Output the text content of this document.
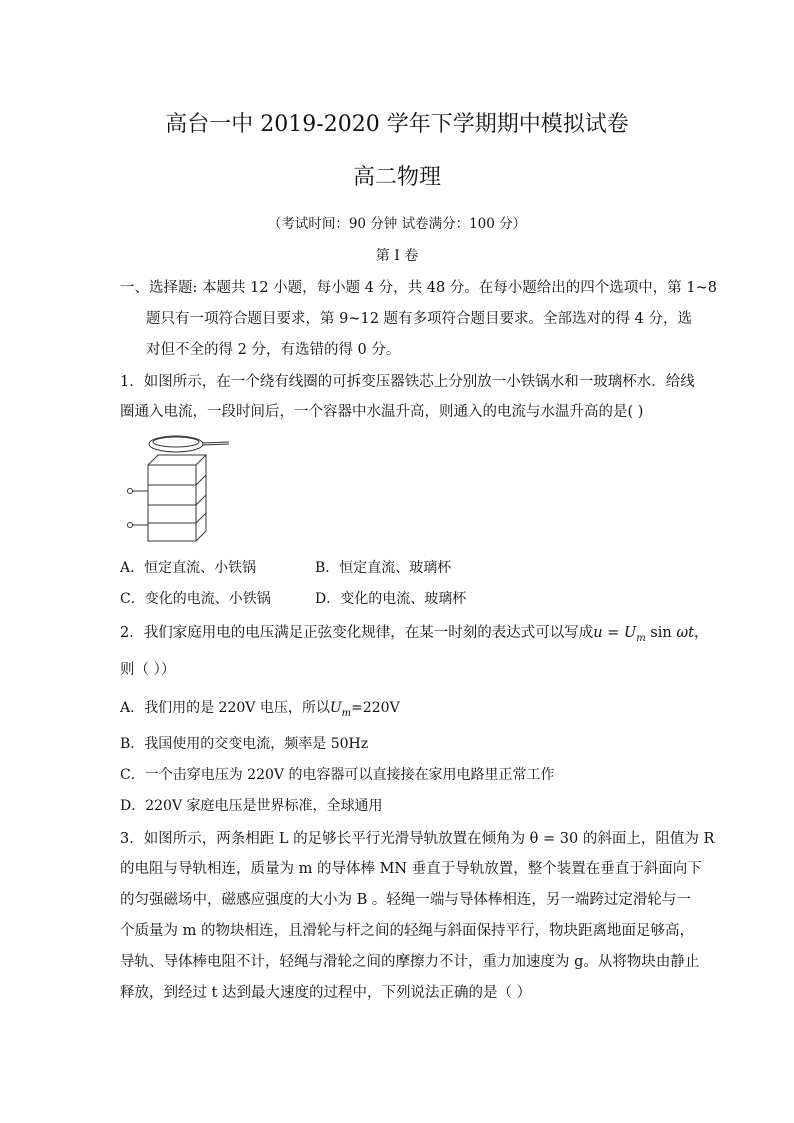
高台一中 2019-2020 学年下学期期中模拟试卷
高二物理
（考试时间：90 分钟 试卷满分：100 分）
第 I 卷
一、选择题: 本题共 12 小题，每小题 4 分，共 48 分。在每小题给出的四个选项中，第 1~8
题只有一项符合题目要求，第 9~12 题有多项符合题目要求。全部选对的得 4 分，选
对但不全的得 2 分，有选错的得 0 分。
1．如图所示，在一个绕有线圈的可拆变压器铁芯上分别放一小铁锅水和一玻璃杯水．给线
圈通入电流，一段时间后，一个容器中水温升高，则通入的电流与水温升高的是( )
A．恒定直流、小铁锅	B．恒定直流、玻璃杯
C．变化的电流、小铁锅	D．变化的电流、玻璃杯
2．我们家庭用电的电压满足正弦变化规律，在某一时刻的表达式可以写成$u = U_m$ sin ωt，
则（ ））
A．我们用的是 220V 电压，所以$U_m=220V$
B．我国使用的交变电流，频率是 50Hz
C．一个击穿电压为 220V 的电容器可以直接接在家用电路里正常工作
D．220V 家庭电压是世界标准，全球通用
3．如图所示，两条相距 L 的足够长平行光滑导轨放置在倾角为 θ = 30 的斜面上，阻值为 R
的电阻与导轨相连，质量为 m 的导体棒 MN 垂直于导轨放置，整个装置在垂直于斜面向下
的匀强磁场中，磁感应强度的大小为 B 。轻绳一端与导体棒相连，另一端跨过定滑轮与一
个质量为 m 的物块相连，且滑轮与杆之间的轻绳与斜面保持平行，物块距离地面足够高，
导轨、导体棒电阻不计，轻绳与滑轮之间的摩擦力不计，重力加速度为 g。从将物块由静止
释放，到经过 t 达到最大速度的过程中，下列说法正确的是（ ）
